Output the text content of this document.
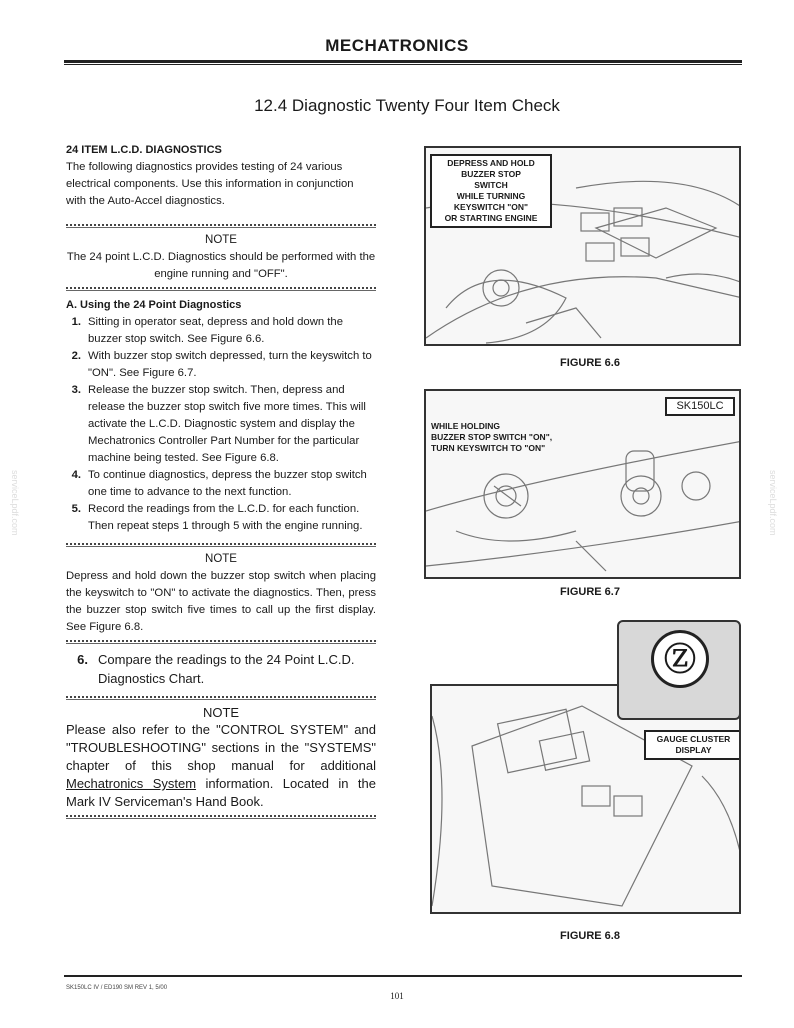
MECHATRONICS
12.4 Diagnostic Twenty Four Item Check
24 ITEM L.C.D. DIAGNOSTICS
The following diagnostics provides testing of 24 various electrical components. Use this information in conjunction with the Auto-Accel diagnostics.
NOTE
The 24 point L.C.D. Diagnostics should be performed with the engine running and "OFF".
A. Using the 24 Point Diagnostics
1. Sitting in operator seat, depress and hold down the buzzer stop switch. See Figure 6.6.
2. With buzzer stop switch depressed, turn the keyswitch to "ON". See Figure 6.7.
3. Release the buzzer stop switch. Then, depress and release the buzzer stop switch five more times. This will activate the L.C.D. Diagnostic system and display the Mechatronics Controller Part Number for the particular machine being tested. See Figure 6.8.
4. To continue diagnostics, depress the buzzer stop switch one time to advance to the next function.
5. Record the readings from the L.C.D. for each function. Then repeat steps 1 through 5 with the engine running.
NOTE
Depress and hold down the buzzer stop switch when placing the keyswitch to "ON" to activate the diagnostics. Then, press the buzzer stop switch five times to call up the first display. See Figure 6.8.
6. Compare the readings to the 24 Point L.C.D. Diagnostics Chart.
NOTE
Please also refer to the "CONTROL SYSTEM" and "TROUBLESHOOTING" sections in the "SYSTEMS" chapter of this shop manual for additional Mechatronics System information. Located in the Mark IV Serviceman's Hand Book.
DEPRESS AND HOLD
BUZZER STOP
SWITCH
WHILE TURNING
KEYSWITCH "ON"
OR STARTING ENGINE
FIGURE 6.6
SK150LC
WHILE HOLDING
BUZZER STOP SWITCH "ON",
TURN KEYSWITCH TO "ON"
FIGURE 6.7
GAUGE CLUSTER
DISPLAY
Ⓩ
FIGURE 6.8
SK150LC IV / ED190 SM REV 1, 5/00
101
serviceLpdf.com	serviceLpdf.com
